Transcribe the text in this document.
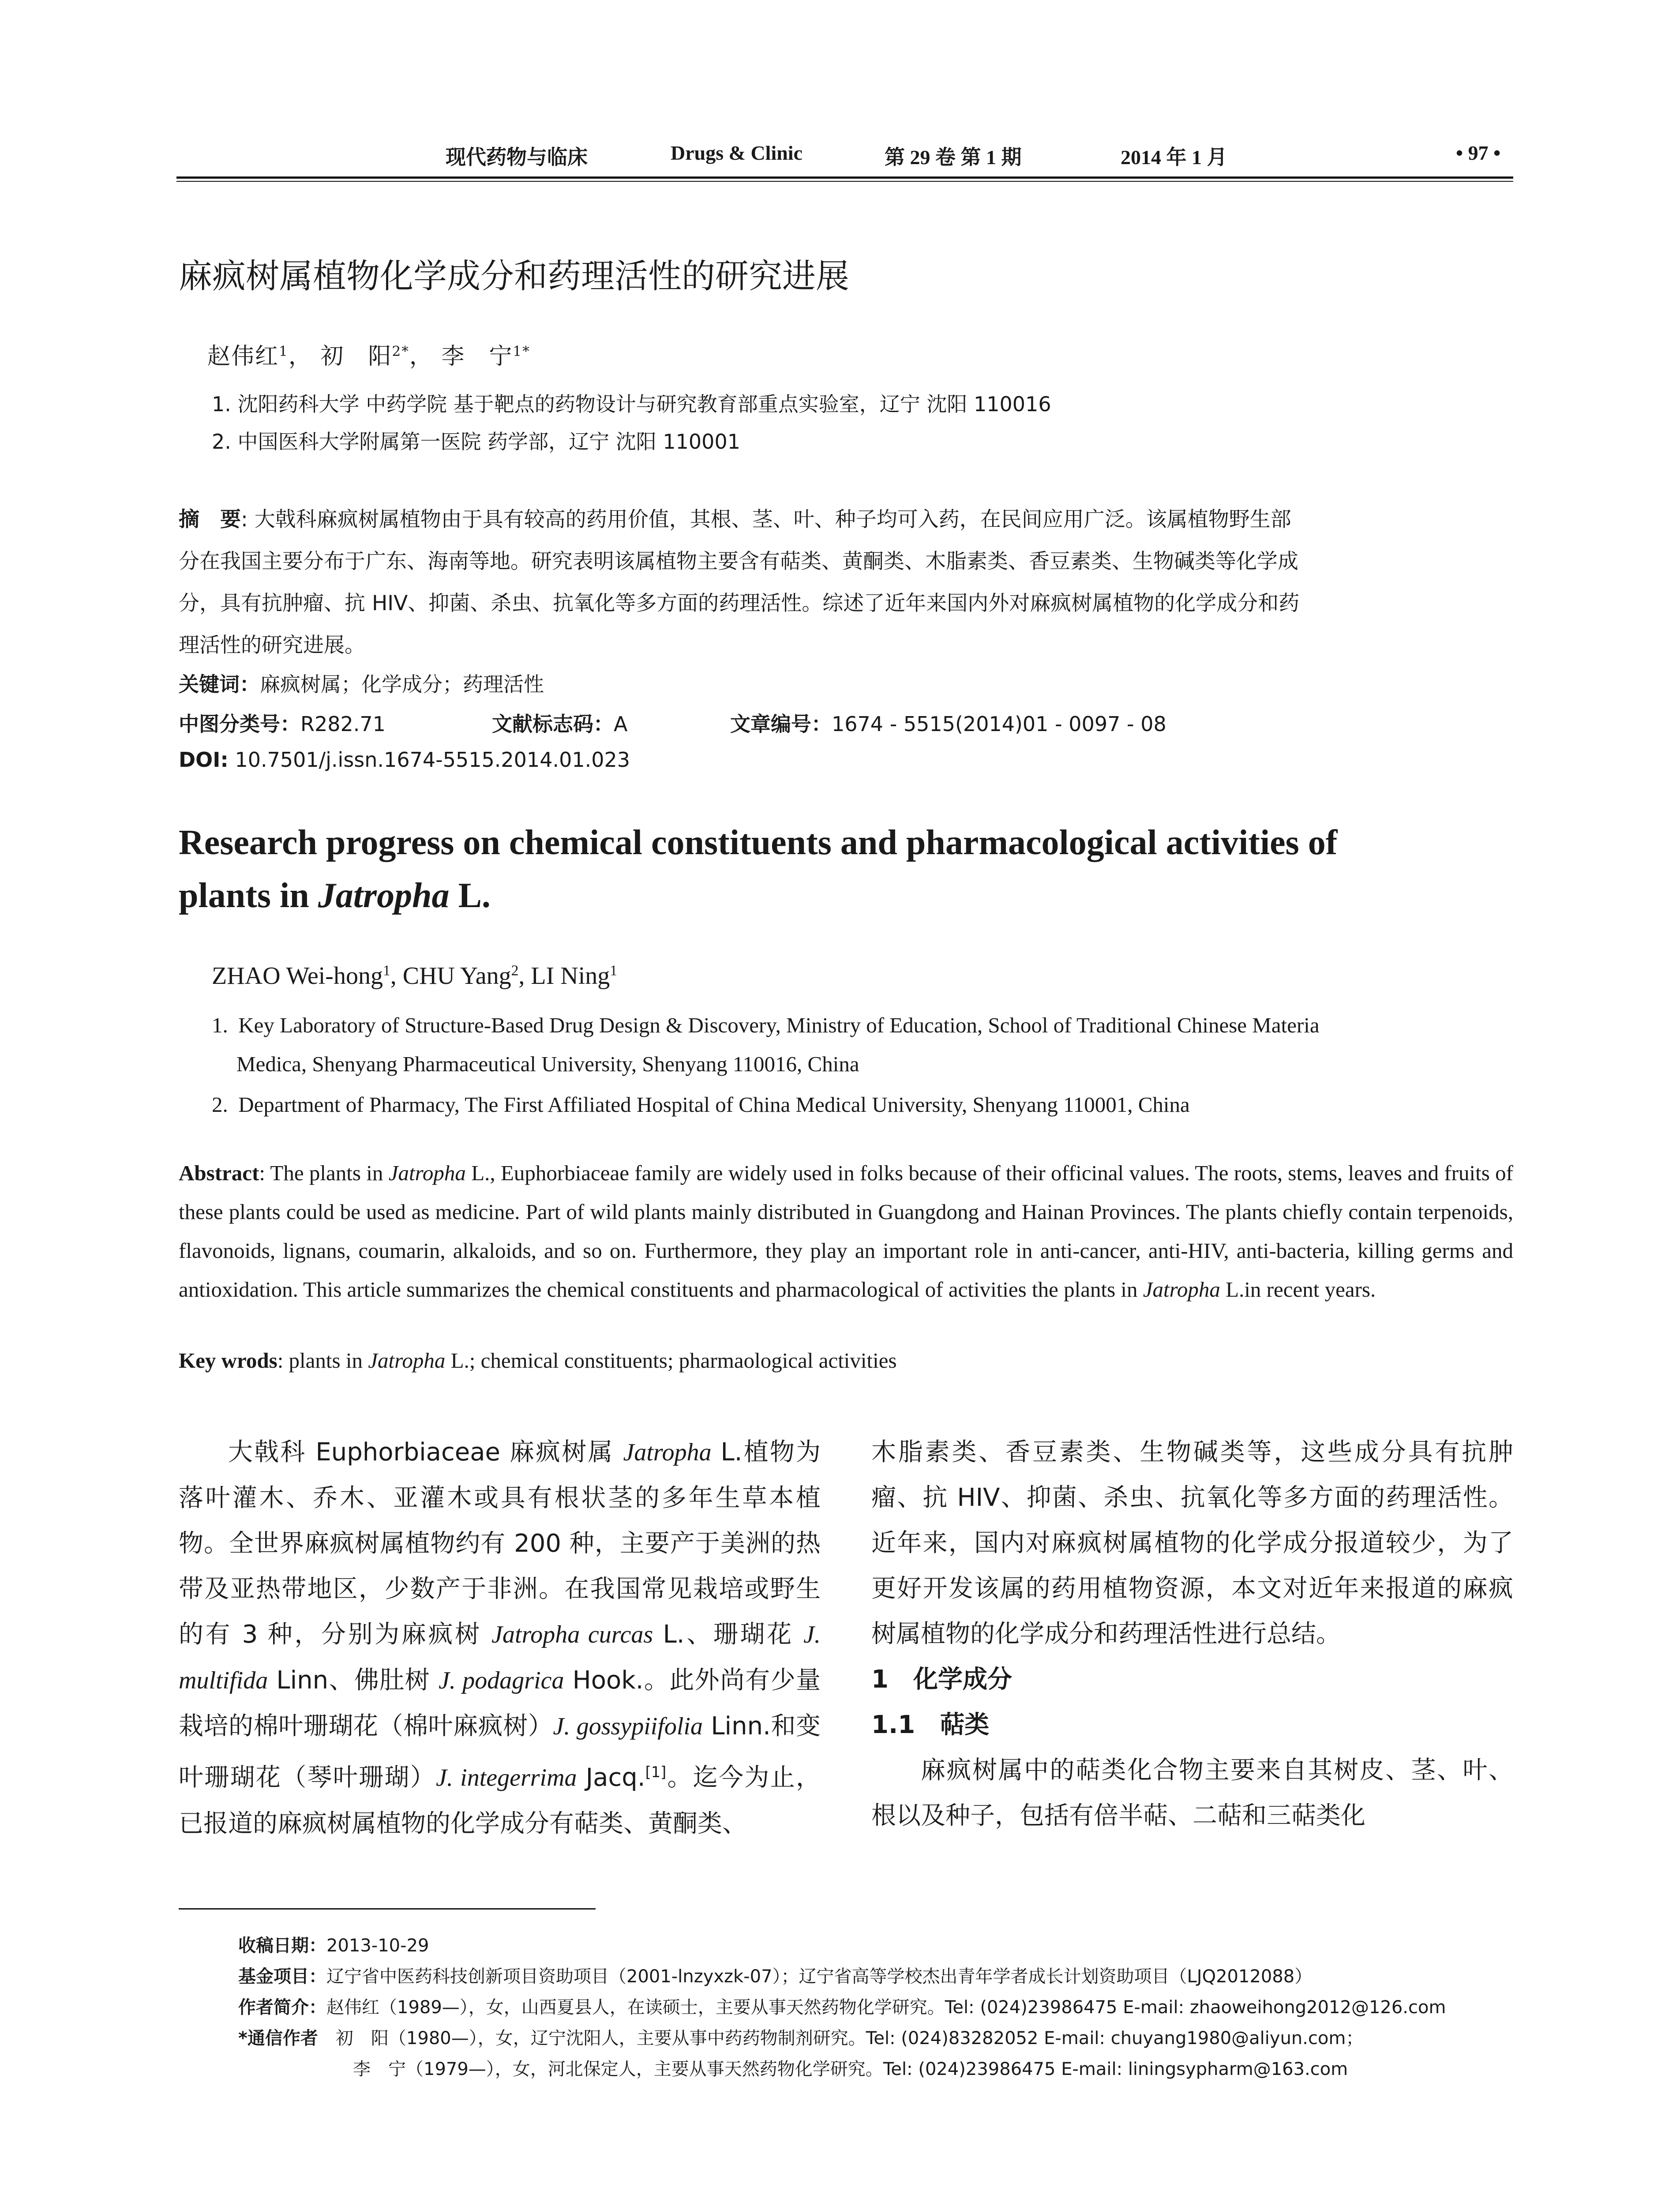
现代药物与临床	Drugs & Clinic	第 29 卷 第 1 期	2014 年 1 月	• 97 •
麻疯树属植物化学成分和药理活性的研究进展
赵伟红$^1$， 初　阳$^{2*}$， 李　宁$^{1*}$
1. 沈阳药科大学 中药学院 基于靶点的药物设计与研究教育部重点实验室，辽宁 沈阳 110016
2. 中国医科大学附属第一医院 药学部，辽宁 沈阳 110001
摘　要: 大戟科麻疯树属植物由于具有较高的药用价值，其根、茎、叶、种子均可入药，在民间应用广泛。该属植物野生部
分在我国主要分布于广东、海南等地。研究表明该属植物主要含有萜类、黄酮类、木脂素类、香豆素类、生物碱类等化学成
分，具有抗肿瘤、抗 HIV、抑菌、杀虫、抗氧化等多方面的药理活性。综述了近年来国内外对麻疯树属植物的化学成分和药
理活性的研究进展。
关键词：麻疯树属；化学成分；药理活性
中图分类号：R282.71	文献标志码：A	文章编号：1674 - 5515(2014)01 - 0097 - 08
DOI: 10.7501/j.issn.1674-5515.2014.01.023
Research progress on chemical constituents and pharmacological activities of
plants in Jatropha L.
ZHAO Wei-hong$^1$, CHU Yang$^2$, LI Ning$^1$
1. Key Laboratory of Structure-Based Drug Design & Discovery, Ministry of Education, School of Traditional Chinese Materia
Medica, Shenyang Pharmaceutical University, Shenyang 110016, China
2. Department of Pharmacy, The First Affiliated Hospital of China Medical University, Shenyang 110001, China
Abstract: The plants in Jatropha L., Euphorbiaceae family are widely used in folks because of their officinal values. The roots, stems, leaves and fruits of these plants could be used as medicine. Part of wild plants mainly distributed in Guangdong and Hainan Provinces. The plants chiefly contain terpenoids, flavonoids, lignans, coumarin, alkaloids, and so on. Furthermore, they play an important role in anti-cancer, anti-HIV, anti-bacteria, killing germs and antioxidation. This article summarizes the chemical constituents and pharmacological of activities the plants in Jatropha L.in recent years.
Key wrods: plants in Jatropha L.; chemical constituents; pharmaological activities

大戟科 Euphorbiaceae 麻疯树属 Jatropha L.植物为落叶灌木、乔木、亚灌木或具有根状茎的多年生草本植物。全世界麻疯树属植物约有 200 种，主要产于美洲的热带及亚热带地区，少数产于非洲。在我国常见栽培或野生的有 3 种，分别为麻疯树 Jatropha curcas L.、珊瑚花 J. multifida Linn、佛肚树 J. podagrica Hook.。此外尚有少量栽培的棉叶珊瑚花（棉叶麻疯树）J. gossypiifolia Linn.和变叶珊瑚花（琴叶珊瑚）J. integerrima Jacq.[1]。迄今为止，已报道的麻疯树属植物的化学成分有萜类、黄酮类、

木脂素类、香豆素类、生物碱类等，这些成分具有抗肿瘤、抗 HIV、抑菌、杀虫、抗氧化等多方面的药理活性。近年来，国内对麻疯树属植物的化学成分报道较少，为了更好开发该属的药用植物资源，本文对近年来报道的麻疯树属植物的化学成分和药理活性进行总结。

1　化学成分
1.1　萜类

麻疯树属中的萜类化合物主要来自其树皮、茎、叶、根以及种子，包括有倍半萜、二萜和三萜类化

收稿日期：2013-10-29
基金项目：辽宁省中医药科技创新项目资助项目（2001-lnzyxzk-07）；辽宁省高等学校杰出青年学者成长计划资助项目（LJQ2012088）
作者简介：赵伟红（1989—），女，山西夏县人，在读硕士，主要从事天然药物化学研究。Tel: (024)23986475 E-mail: zhaoweihong2012@126.com
*通信作者　 初　阳（1980—），女，辽宁沈阳人，主要从事中药药物制剂研究。Tel: (024)83282052 E-mail: chuyang1980@aliyun.com；
李　宁（1979—），女，河北保定人，主要从事天然药物化学研究。Tel: (024)23986475 E-mail: liningsypharm@163.com
